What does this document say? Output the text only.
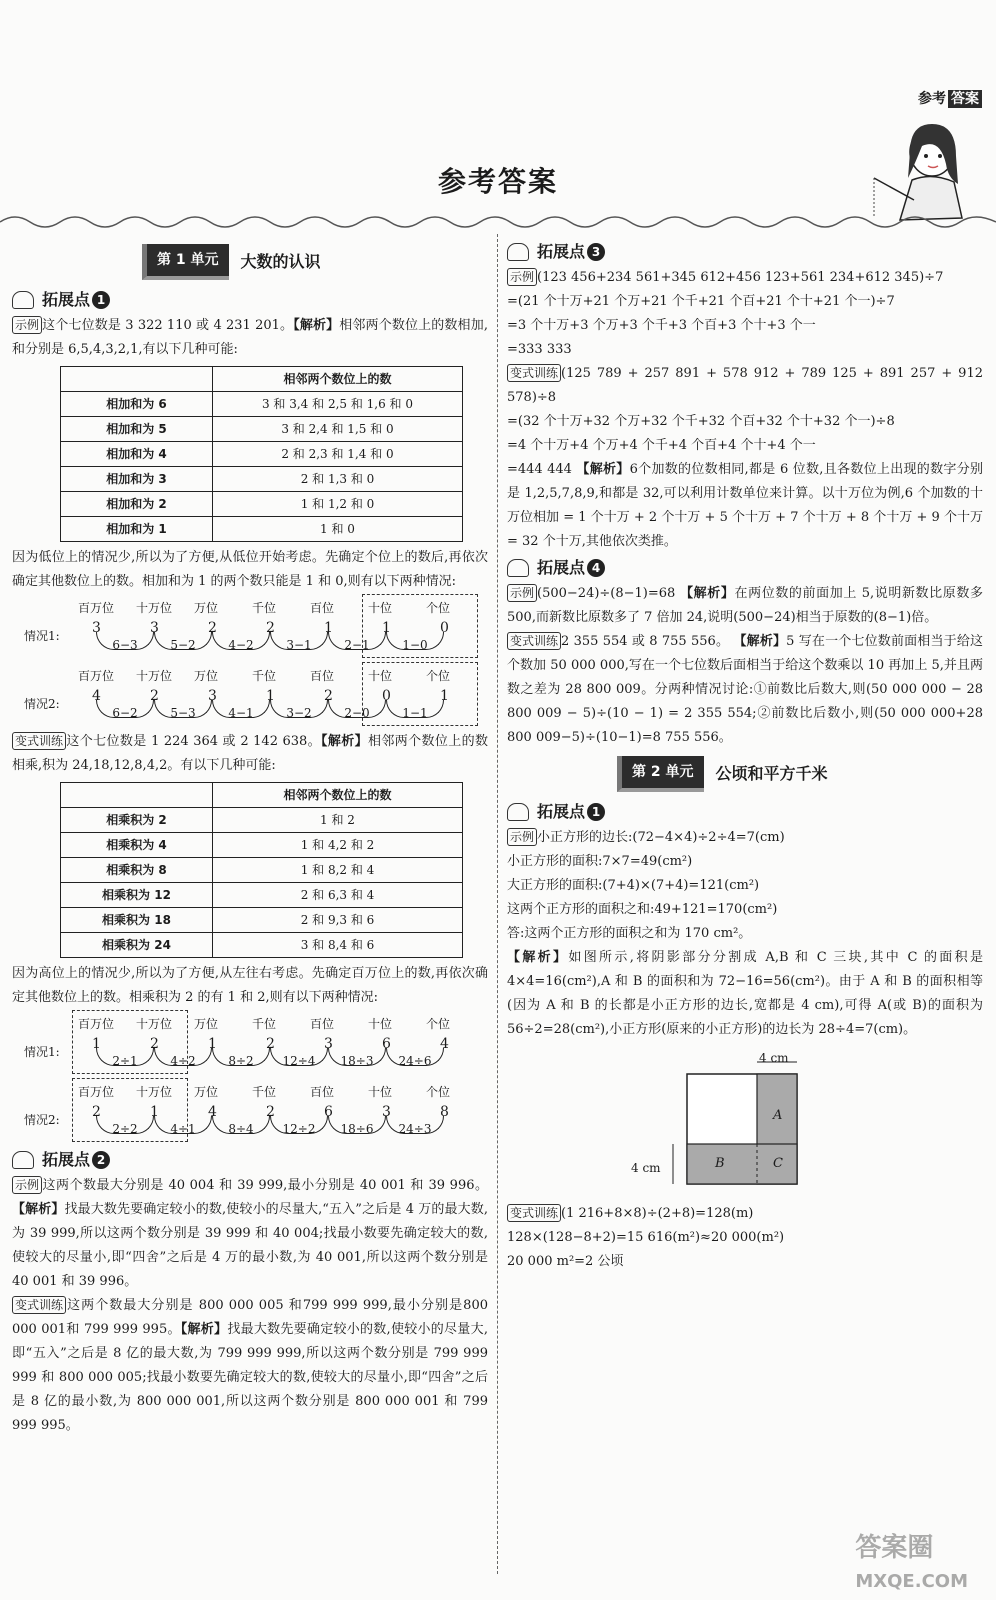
参考 答案
参考答案
第 1 单元	大数的认识
拓展点 1

示例 这个七位数是 3 322 110 或 4 231 201。【解析】相邻两个数位上的数相加,和分别是 6,5,4,3,2,1,有以下几种可能:

	相邻两个数位上的数
相加和为 6	3 和 3,4 和 2,5 和 1,6 和 0
相加和为 5	3 和 2,4 和 1,5 和 0
相加和为 4	2 和 2,3 和 1,4 和 0
相加和为 3	2 和 1,3 和 0
相加和为 2	1 和 1,2 和 0
相加和为 1	1 和 0

因为低位上的情况少,所以为了方便,从低位开始考虑。先确定个位上的数后,再依次确定其他数位上的数。相加和为 1 的两个数只能是 1 和 0,则有以下两种情况:

百万位 十万位 万位	千位	百位	十位	个位
情况1: 3	3	2	2	1	1	0
6−3	5−2	4−2	3−1	2−1	1−0
百万位 十万位 万位	千位	百位	十位	个位
情况2: 4	2	3	1	2	0	1
6−2	5−3	4−1	3−2	2−0	1−1

变式训练 这个七位数是 1 224 364 或 2 142 638。【解析】相邻两个数位上的数相乘,积为 24,18,12,8,4,2。有以下几种可能:

	相邻两个数位上的数
相乘积为 2	1 和 2
相乘积为 4	1 和 4,2 和 2
相乘积为 8	1 和 8,2 和 4
相乘积为 12	2 和 6,3 和 4
相乘积为 18	2 和 9,3 和 6
相乘积为 24	3 和 8,4 和 6

因为高位上的情况少,所以为了方便,从左往右考虑。先确定百万位上的数,再依次确定其他数位上的数。相乘积为 2 的有 1 和 2,则有以下两种情况:

百万位 十万位 万位	千位	百位	十位	个位
情况1: 1	2	1	2	3	6	4
2÷1	4÷2	8÷2	12÷4	18÷3	24÷6
百万位 十万位 万位	千位	百位	十位	个位
情况2: 2	1	4	2	6	3	8
2÷2	4÷1	8÷4	12÷2	18÷6	24÷3
拓展点 2

示例 这两个数最大分别是 40 004 和 39 999,最小分别是 40 001 和 39 996。【解析】找最大数先要确定较小的数,使较小的尽量大,“五入”之后是 4 万的最大数,为 39 999,所以这两个数分别是 39 999 和 40 004;找最小数要先确定较大的数,使较大的尽量小,即“四舍”之后是 4 万的最小数,为 40 001,所以这两个数分别是 40 001 和 39 996。

变式训练 这两个数最大分别是 800 000 005 和799 999 999,最小分别是800 000 001和 799 999 995。【解析】找最大数先要确定较小的数,使较小的尽量大,即“五入”之后是 8 亿的最大数,为 799 999 999,所以这两个数分别是 799 999 999 和 800 000 005;找最小数要先确定较大的数,使较大的尽量小,即“四舍”之后是 8 亿的最小数,为 800 000 001,所以这两个数分别是 800 000 001 和 799 999 995。

拓展点 3

示例 (123 456+234 561+345 612+456 123+561 234+612 345)÷7

=(21 个十万+21 个万+21 个千+21 个百+21 个十+21 个一)÷7

=3 个十万+3 个万+3 个千+3 个百+3 个十+3 个一

=333 333

变式训练 (125 789 + 257 891 + 578 912 + 789 125 + 891 257 + 912 578)÷8

=(32 个十万+32 个万+32 个千+32 个百+32 个十+32 个一)÷8

=4 个十万+4 个万+4 个千+4 个百+4 个十+4 个一

=444 444 【解析】6个加数的位数相同,都是 6 位数,且各数位上出现的数字分别是 1,2,5,7,8,9,和都是 32,可以利用计数单位来计算。以十万位为例,6 个加数的十万位相加 = 1 个十万 + 2 个十万 + 5 个十万 + 7 个十万 + 8 个十万 + 9 个十万 = 32 个十万,其他依次类推。

拓展点 4

示例 (500−24)÷(8−1)=68 【解析】在两位数的前面加上 5,说明新数比原数多 500,而新数比原数多了 7 倍加 24,说明(500−24)相当于原数的(8−1)倍。

变式训练 2 355 554 或 8 755 556。 【解析】5 写在一个七位数前面相当于给这个数加 50 000 000,写在一个七位数后面相当于给这个数乘以 10 再加上 5,并且两数之差为 28 800 009。分两种情况讨论:①前数比后数大,则(50 000 000 − 28 800 009 − 5)÷(10 − 1) = 2 355 554;②前数比后数小,则(50 000 000+28 800 009−5)÷(10−1)=8 755 556。

第 2 单元	公顷和平方千米
拓展点 1

示例 小正方形的边长:(72−4×4)÷2÷4=7(cm)

小正方形的面积:7×7=49(cm²)

大正方形的面积:(7+4)×(7+4)=121(cm²)

这两个正方形的面积之和:49+121=170(cm²)

答:这两个正方形的面积之和为 170 cm²。

【解析】如图所示,将阴影部分分割成 A,B 和 C 三块,其中 C 的面积是 4×4=16(cm²),A 和 B 的面积和为 72−16=56(cm²)。由于 A 和 B 的面积相等(因为 A 和 B 的长都是小正方形的边长,宽都是 4 cm),可得 A(或 B)的面积为 56÷2=28(cm²),小正方形(原来的小正方形)的边长为 28÷4=7(cm)。

4 cm
4 cm
A
B	C

变式训练 (1 216+8×8)÷(2+8)=128(m)

128×(128−8+2)=15 616(m²)≈20 000(m²)

20 000 m²=2 公顷

答案圈
MXQE.COM
